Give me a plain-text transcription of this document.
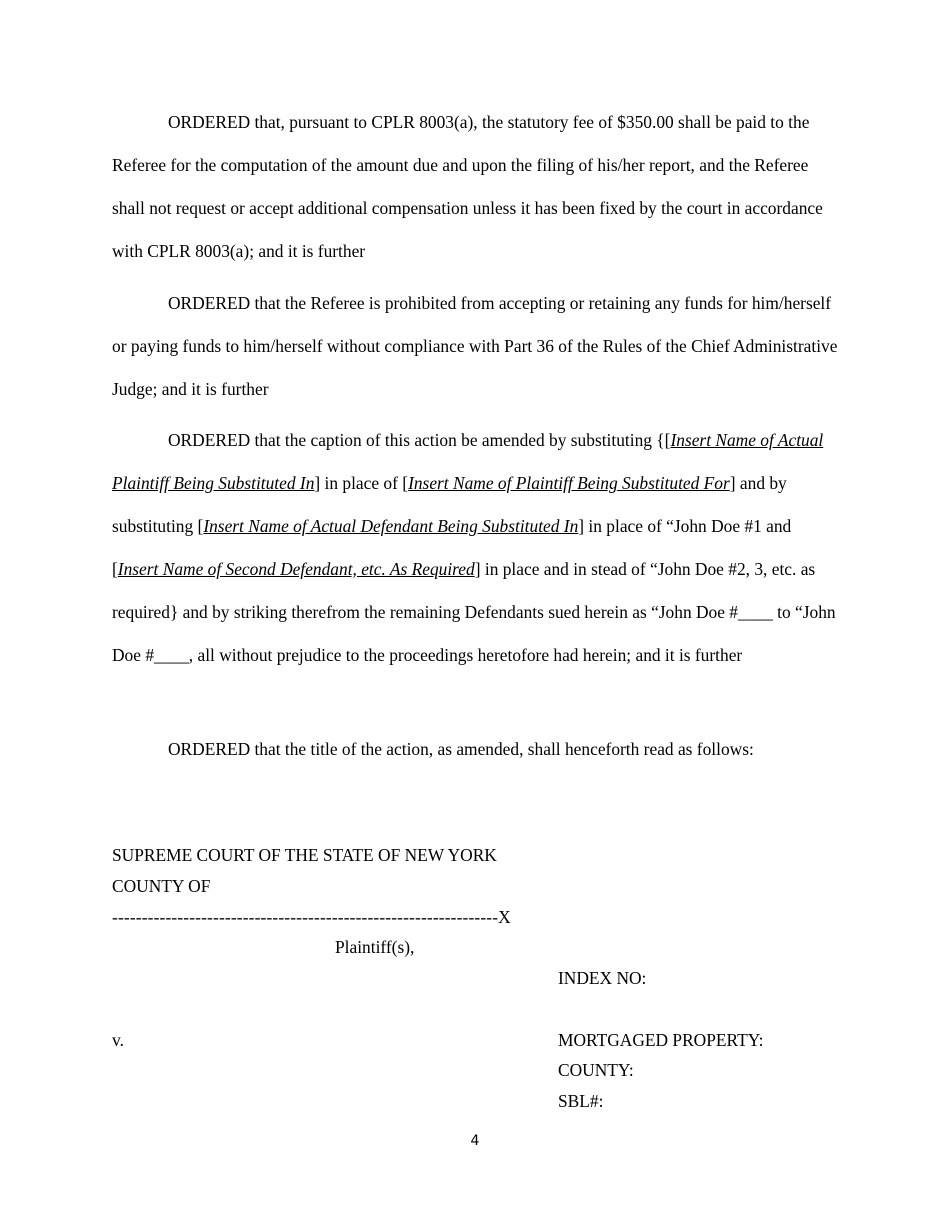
ORDERED that, pursuant to CPLR 8003(a), the statutory fee of $350.00 shall be paid to the Referee for the computation of the amount due and upon the filing of his/her report, and the Referee shall not request or accept additional compensation unless it has been fixed by the court in accordance with CPLR 8003(a); and it is further

ORDERED that the Referee is prohibited from accepting or retaining any funds for him/herself or paying funds to him/herself without compliance with Part 36 of the Rules of the Chief Administrative Judge; and it is further

ORDERED that the caption of this action be amended by substituting {[Insert Name of Actual Plaintiff Being Substituted In] in place of [Insert Name of Plaintiff Being Substituted For] and by substituting [Insert Name of Actual Defendant Being Substituted In] in place of “John Doe #1 and [Insert Name of Second Defendant, etc. As Required] in place and in stead of “John Doe #2, 3, etc. as required} and by striking therefrom the remaining Defendants sued herein as “John Doe #____ to “John Doe #____, all without prejudice to the proceedings heretofore had herein; and it is further

ORDERED that the title of the action, as amended, shall henceforth read as follows:

SUPREME COURT OF THE STATE OF NEW YORK
COUNTY OF
-----------------------------------------------------------------X
Plaintiff(s),
INDEX NO:
v.	MORTGAGED PROPERTY:
COUNTY:
SBL#:
4
